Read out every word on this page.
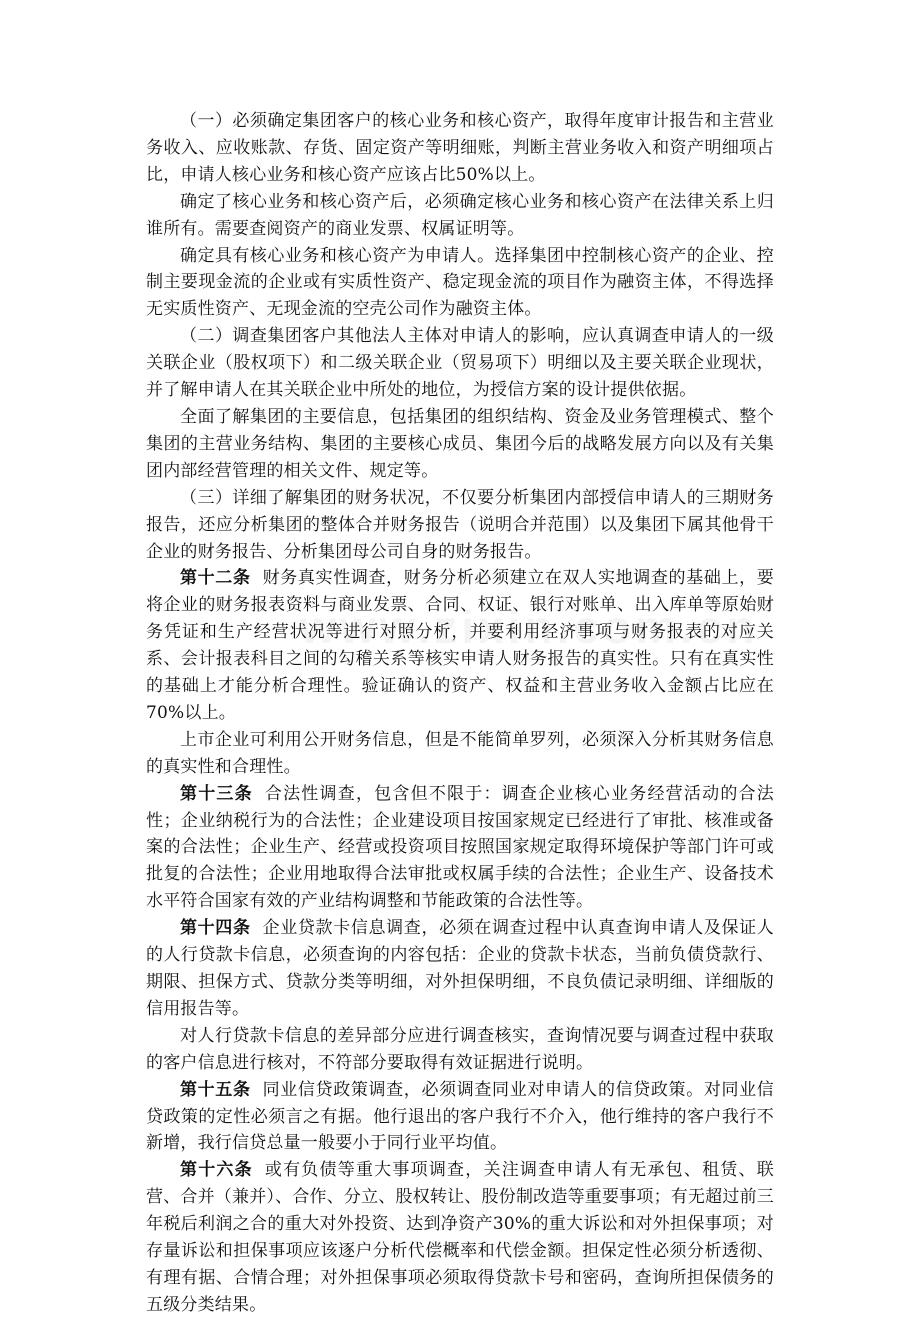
（一）必须确定集团客户的核心业务和核心资产，取得年度审计报告和主营业务收入、应收账款、存货、固定资产等明细账，判断主营业务收入和资产明细项占比，申请人核心业务和核心资产应该占比50%以上。

确定了核心业务和核心资产后，必须确定核心业务和核心资产在法律关系上归谁所有。需要查阅资产的商业发票、权属证明等。

确定具有核心业务和核心资产为申请人。选择集团中控制核心资产的企业、控制主要现金流的企业或有实质性资产、稳定现金流的项目作为融资主体，不得选择无实质性资产、无现金流的空壳公司作为融资主体。

（二）调查集团客户其他法人主体对申请人的影响，应认真调查申请人的一级关联企业（股权项下）和二级关联企业（贸易项下）明细以及主要关联企业现状，并了解申请人在其关联企业中所处的地位，为授信方案的设计提供依据。

全面了解集团的主要信息，包括集团的组织结构、资金及业务管理模式、整个集团的主营业务结构、集团的主要核心成员、集团今后的战略发展方向以及有关集团内部经营管理的相关文件、规定等。

（三）详细了解集团的财务状况，不仅要分析集团内部授信申请人的三期财务报告，还应分析集团的整体合并财务报告（说明合并范围）以及集团下属其他骨干企业的财务报告、分析集团母公司自身的财务报告。

第十二条 财务真实性调查，财务分析必须建立在双人实地调查的基础上，要将企业的财务报表资料与商业发票、合同、权证、银行对账单、出入库单等原始财务凭证和生产经营状况等进行对照分析，并要利用经济事项与财务报表的对应关系、会计报表科目之间的勾稽关系等核实申请人财务报告的真实性。只有在真实性的基础上才能分析合理性。验证确认的资产、权益和主营业务收入金额占比应在70%以上。

上市企业可利用公开财务信息，但是不能简单罗列，必须深入分析其财务信息的真实性和合理性。

第十三条 合法性调查，包含但不限于：调查企业核心业务经营活动的合法性；企业纳税行为的合法性；企业建设项目按国家规定已经进行了审批、核准或备案的合法性；企业生产、经营或投资项目按照国家规定取得环境保护等部门许可或批复的合法性；企业用地取得合法审批或权属手续的合法性；企业生产、设备技术水平符合国家有效的产业结构调整和节能政策的合法性等。

第十四条 企业贷款卡信息调查，必须在调查过程中认真查询申请人及保证人的人行贷款卡信息，必须查询的内容包括：企业的贷款卡状态，当前负债贷款行、期限、担保方式、贷款分类等明细，对外担保明细，不良负债记录明细、详细版的信用报告等。

对人行贷款卡信息的差异部分应进行调查核实，查询情况要与调查过程中获取的客户信息进行核对，不符部分要取得有效证据进行说明。

第十五条 同业信贷政策调查，必须调查同业对申请人的信贷政策。对同业信贷政策的定性必须言之有据。他行退出的客户我行不介入，他行维持的客户我行不新增，我行信贷总量一般要小于同行业平均值。

第十六条 或有负债等重大事项调查，关注调查申请人有无承包、租赁、联营、合并（兼并）、合作、分立、股权转让、股份制改造等重要事项；有无超过前三年税后利润之合的重大对外投资、达到净资产30%的重大诉讼和对外担保事项；对存量诉讼和担保事项应该逐户分析代偿概率和代偿金额。担保定性必须分析透彻、有理有据、合情合理；对外担保事项必须取得贷款卡号和密码，查询所担保债务的五级分类结果。
